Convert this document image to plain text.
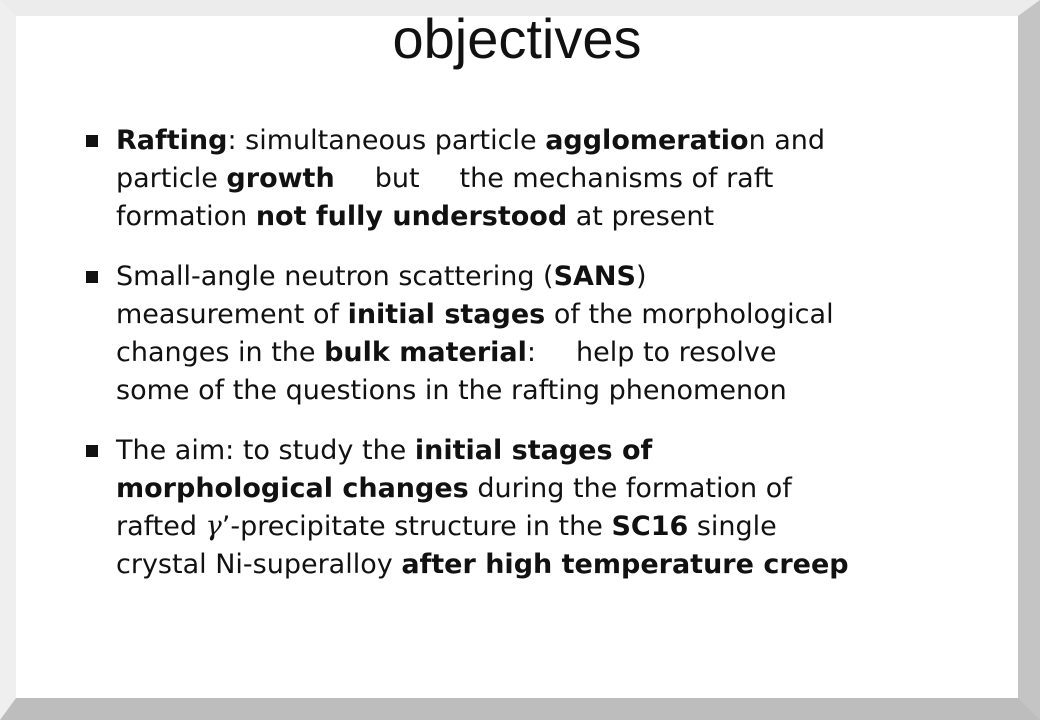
objectives
Rafting: simultaneous particle agglomeration and
particle growth but the mechanisms of raft
formation not fully understood at present
Small-angle neutron scattering (SANS)
measurement of initial stages of the morphological
changes in the bulk material: help to resolve
some of the questions in the rafting phenomenon
The aim: to study the initial stages of
morphological changes during the formation of
rafted γ’-precipitate structure in the SC16 single
crystal Ni-superalloy after high temperature creep
